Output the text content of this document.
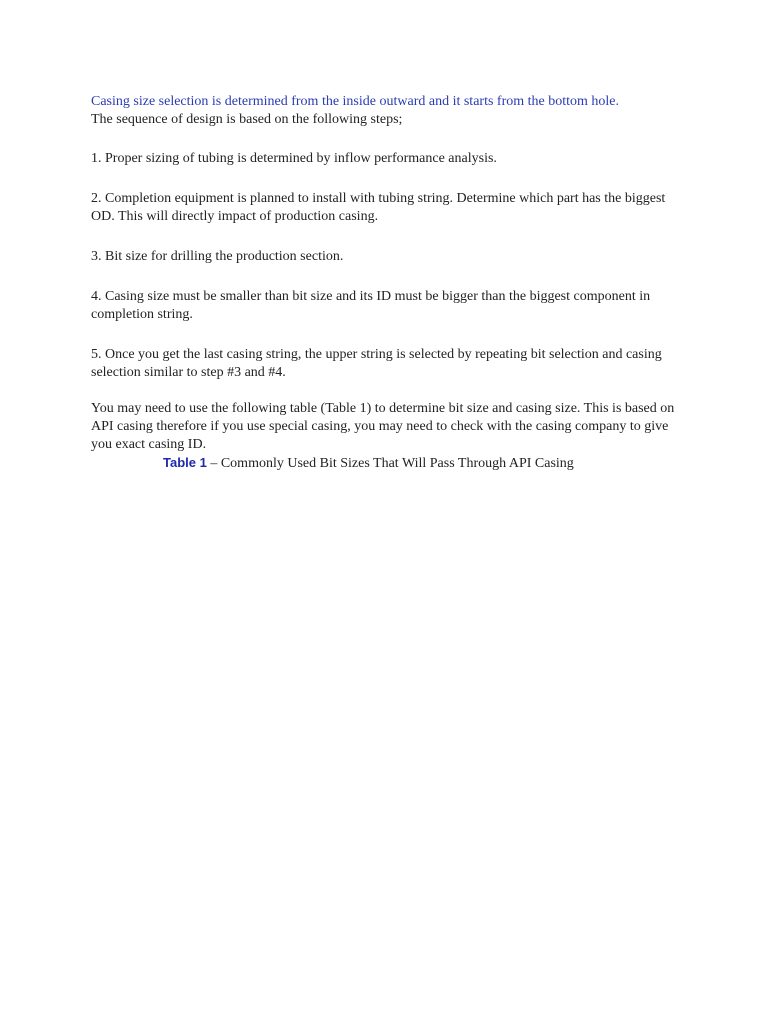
Casing size selection is determined from the inside outward and it starts from the bottom hole.
The sequence of design is based on the following steps;

1. Proper sizing of tubing is determined by inflow performance analysis.

2. Completion equipment is planned to install with tubing string. Determine which part has the biggest OD. This will directly impact of production casing.

3. Bit size for drilling the production section.

4. Casing size must be smaller than bit size and its ID must be bigger than the biggest component in completion string.

5. Once you get the last casing string, the upper string is selected by repeating bit selection and casing selection similar to step #3 and #4.

You may need to use the following table (Table 1) to determine bit size and casing size. This is based on API casing therefore if you use special casing, you may need to check with the casing company to give you exact casing ID.

Table 1 – Commonly Used Bit Sizes That Will Pass Through API Casing
